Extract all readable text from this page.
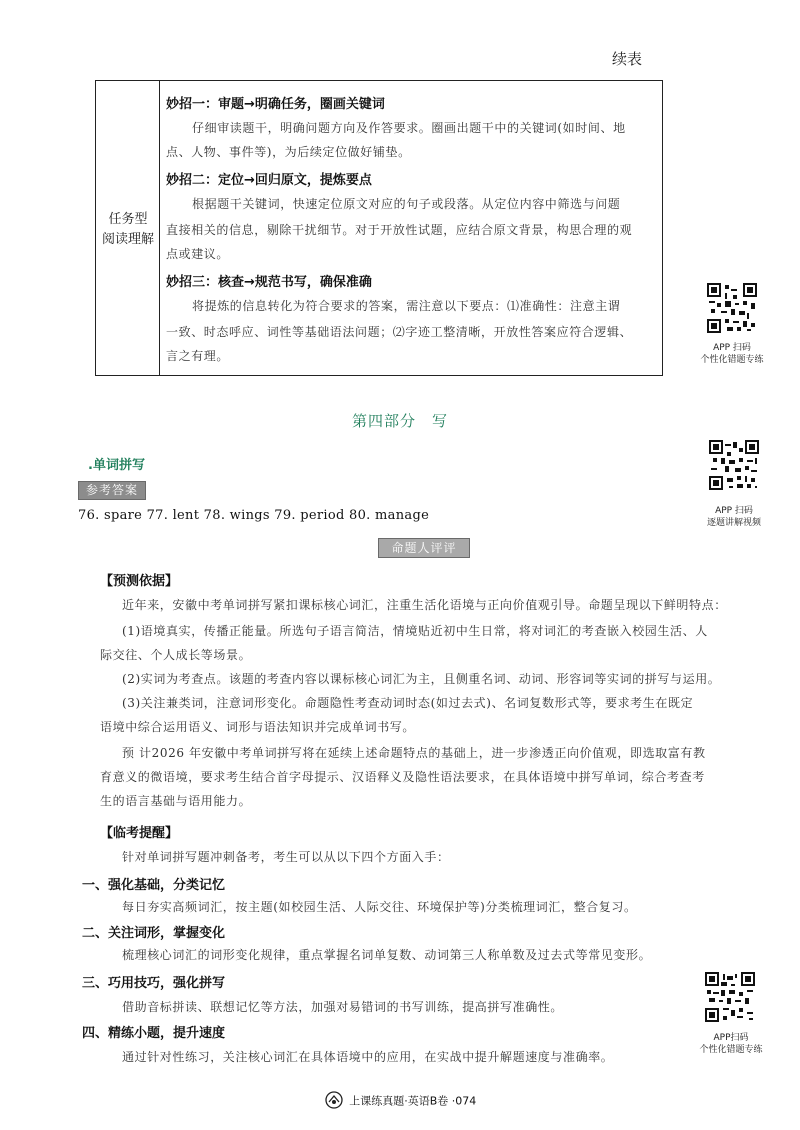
续表
任务型
阅读理解
妙招一：审题→明确任务，圈画关键词
仔细审读题干，明确问题方向及作答要求。圈画出题干中的关键词(如时间、地
点、人物、事件等)，为后续定位做好铺垫。
妙招二：定位→回归原文，提炼要点
根据题干关键词，快速定位原文对应的句子或段落。从定位内容中筛选与问题
直接相关的信息，剔除干扰细节。对于开放性试题，应结合原文背景，构思合理的观
点或建议。
妙招三：核查→规范书写，确保准确
将提炼的信息转化为符合要求的答案，需注意以下要点：⑴准确性：注意主谓
一致、时态呼应、词性等基础语法问题；⑵字迹工整清晰，开放性答案应符合逻辑、
言之有理。
APP 扫码
个性化错题专练
第四部分　写
.单词拼写
APP 扫码
逐题讲解视频
参考答案
76. spare 77. lent 78. wings 79. period 80. manage
命题人评评
【预测依据】
近年来，安徽中考单词拼写紧扣课标核心词汇，注重生活化语境与正向价值观引导。命题呈现以下鲜明特点：
(1)语境真实，传播正能量。所选句子语言简洁，情境贴近初中生日常，将对词汇的考查嵌入校园生活、人
际交往、个人成长等场景。
(2)实词为考查点。该题的考查内容以课标核心词汇为主，且侧重名词、动词、形容词等实词的拼写与运用。
(3)关注兼类词，注意词形变化。命题隐性考查动词时态(如过去式)、名词复数形式等，要求考生在既定
语境中综合运用语义、词形与语法知识并完成单词书写。
预 计2026 年安徽中考单词拼写将在延续上述命题特点的基础上，进一步渗透正向价值观，即选取富有教
育意义的微语境，要求考生结合首字母提示、汉语释义及隐性语法要求，在具体语境中拼写单词，综合考查考
生的语言基础与语用能力。
【临考提醒】
针对单词拼写题冲刺备考，考生可以从以下四个方面入手：
一、强化基础，分类记忆
每日夯实高频词汇，按主题(如校园生活、人际交往、环境保护等)分类梳理词汇，整合复习。
二、关注词形，掌握变化
梳理核心词汇的词形变化规律，重点掌握名词单复数、动词第三人称单数及过去式等常见变形。
三、巧用技巧，强化拼写
借助音标拼读、联想记忆等方法，加强对易错词的书写训练，提高拼写准确性。
四、精练小题，提升速度
通过针对性练习，关注核心词汇在具体语境中的应用，在实战中提升解题速度与准确率。
APP扫码
个性化错题专练
上课练真题·英语B卷 ·074
